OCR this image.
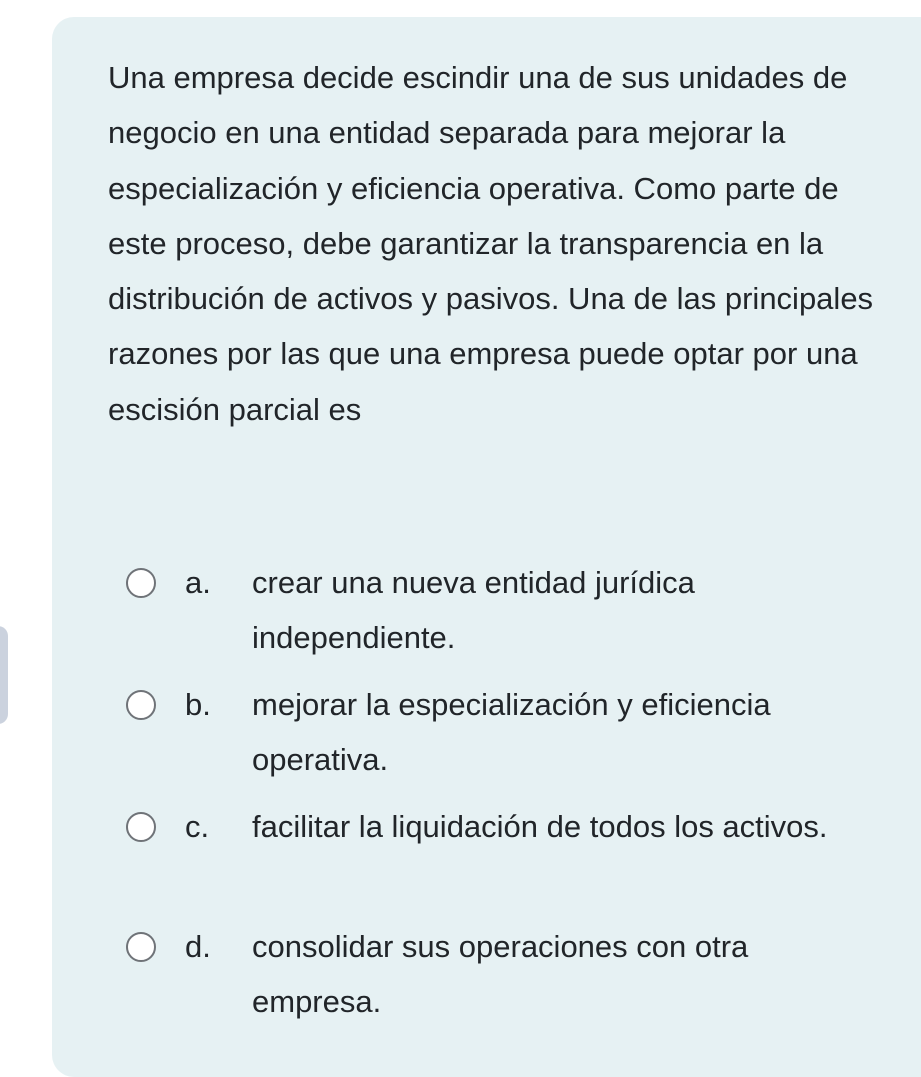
Una empresa decide escindir una de sus unidades de negocio en una entidad separada para mejorar la especialización y eficiencia operativa. Como parte de este proceso, debe garantizar la transparencia en la distribución de activos y pasivos. Una de las principales razones por las que una empresa puede optar por una escisión parcial es

a. crear una nueva entidad jurídica independiente.
b. mejorar la especialización y eficiencia operativa.
c. facilitar la liquidación de todos los activos.
d. consolidar sus operaciones con otra empresa.
